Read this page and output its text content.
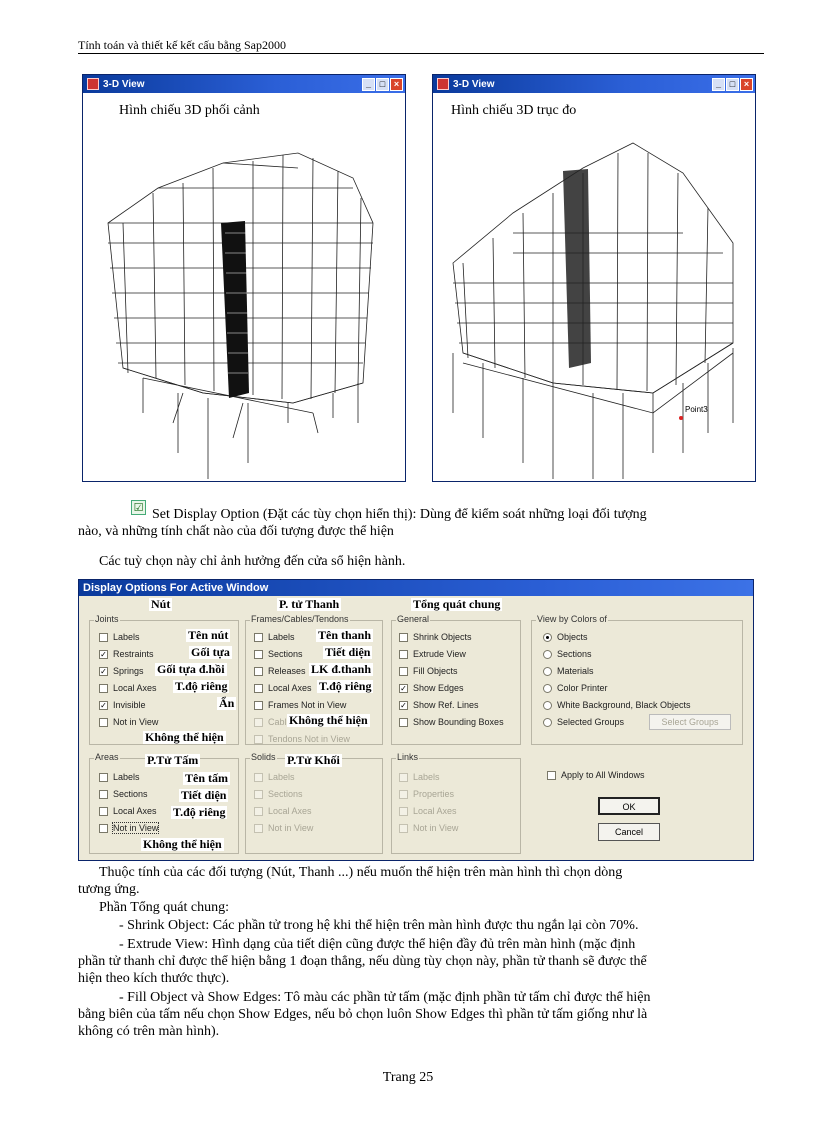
Tính toán và thiết kế kết cấu bằng Sap2000
3-D View	_ □ ×
Hình chiếu 3D phối cảnh
3-D View	_ □ ×
Point3
Hình chiếu 3D trục đo
☑ Set Display Option (Đặt các tùy chọn hiển thị): Dùng để kiểm soát những loại đối tượng
nào, và những tính chất nào của đối tượng được thể hiện
Các tuỳ chọn này chỉ ảnh hưởng đến cửa sổ hiện hành.
Display Options For Active Window
Joints
Labels
✓ Restraints
✓ Springs
Local Axes
✓ Invisible
Not in View
Frames/Cables/Tendons
Labels
Sections
Releases
Local Axes
Frames Not in View
Cabl
Tendons Not in View
General
Shrink Objects
Extrude View
Fill Objects
✓ Show Edges
✓ Show Ref. Lines
Show Bounding Boxes
View by Colors of
Objects
Sections
Materials
Color Printer
White Background, Black Objects
Selected Groups	Select Groups
Areas
Labels
Sections
Local Axes
Not in View
Solids
Labels
Sections
Local Axes
Not in View
Links
Labels
Properties
Local Axes
Not in View
Apply to All Windows
OK
Cancel
Nút	P. tử Thanh	Tổng quát chung
Tên nút
Gối tựa
Gối tựa đ.hồi
T.độ riêng
Ẩn
Không thể hiện
Tên thanh
Tiết diện
LK đ.thanh
T.độ riêng
Không thể hiện
P.Tử Tấm	P.Tử Khối
Tên tấm
Tiết diện
T.độ riêng
Không thể hiện
Thuộc tính của các đối tượng (Nút, Thanh ...) nếu muốn thể hiện trên màn hình thì chọn dòng
tương ứng.
Phần Tổng quát chung:
- Shrink Object: Các phần tử trong hệ khi thể hiện trên màn hình được thu ngắn lại còn 70%.
- Extrude View: Hình dạng của tiết diện cũng được thể hiện đầy đủ trên màn hình (mặc định
phần tử thanh chỉ được thể hiện bằng 1 đoạn thẳng, nếu dùng tùy chọn này, phần tử thanh sẽ được thể
hiện theo kích thước thực).
- Fill Object và Show Edges: Tô màu các phần tử tấm (mặc định phần tử tấm chỉ được thể hiện
bằng biên của tấm nếu chọn Show Edges, nếu bỏ chọn luôn Show Edges thì phần tử tấm giống như là
không có trên màn hình).
Trang 25
